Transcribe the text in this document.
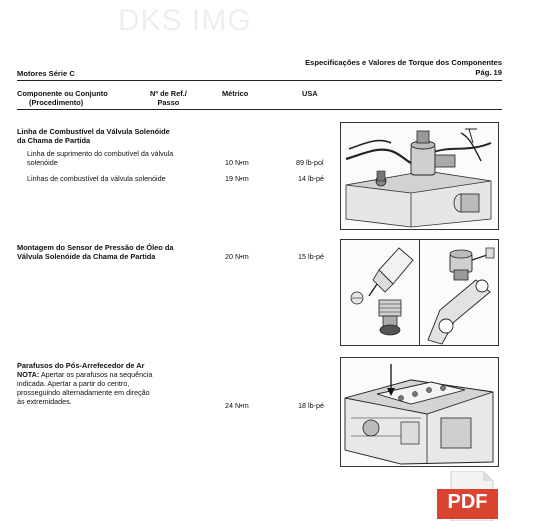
DKS IMG
Especificações e Valores de Torque dos Componentes
Pág. 19
Motores Série C
Componente ou Conjunto
(Procedimento)
Nº de Ref./
Passo
Métrico	USA
Linha de Combustível da Válvula Solenóide
da Chama de Partida
Linha de suprimento do combutível da válvula
solenóide	10 N•m	89 lb-pol
Linhas de combustível da válvula solenóide	19 N•m	14 lb-pé
Montagem do Sensor de Pressão de Óleo da
Válvula Solenóide da Chama de Partida	20 N•m	15 lb-pé
Parafusos do Pós-Arrefecedor de Ar
NOTA: Apertar os parafusos na sequência
indicada. Apertar a partir do centro,
prosseguindo alternadamente em direção
às extremidades.	24 N•m	18 lb-pé
PDF
